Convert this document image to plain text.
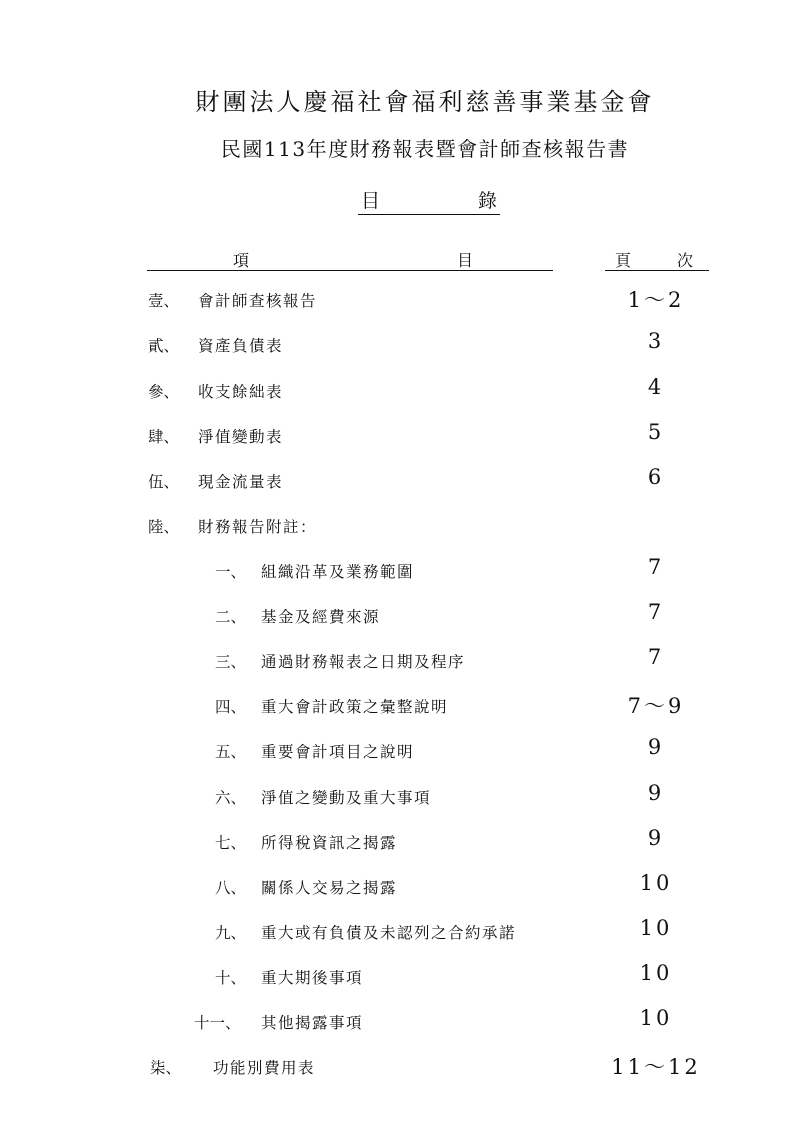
財團法人慶福社會福利慈善事業基金會
民國113年度財務報表暨會計師查核報告書
目	錄
項	目	頁	次
壹、 會計師查核報告	1～2
貳、 資產負債表	3
參、 收支餘絀表	4
肆、 淨值變動表	5
伍、 現金流量表	6
陸、 財務報告附註：
一、 組織沿革及業務範圍	7
二、 基金及經費來源	7
三、 通過財務報表之日期及程序	7
四、 重大會計政策之彙整說明	7～9
五、 重要會計項目之說明	9
六、 淨值之變動及重大事項	9
七、 所得稅資訊之揭露	9
八、 關係人交易之揭露	10
九、 重大或有負債及未認列之合約承諾	10
十、 重大期後事項	10
十一、 其他揭露事項	10
柒、 功能別費用表	11～12
